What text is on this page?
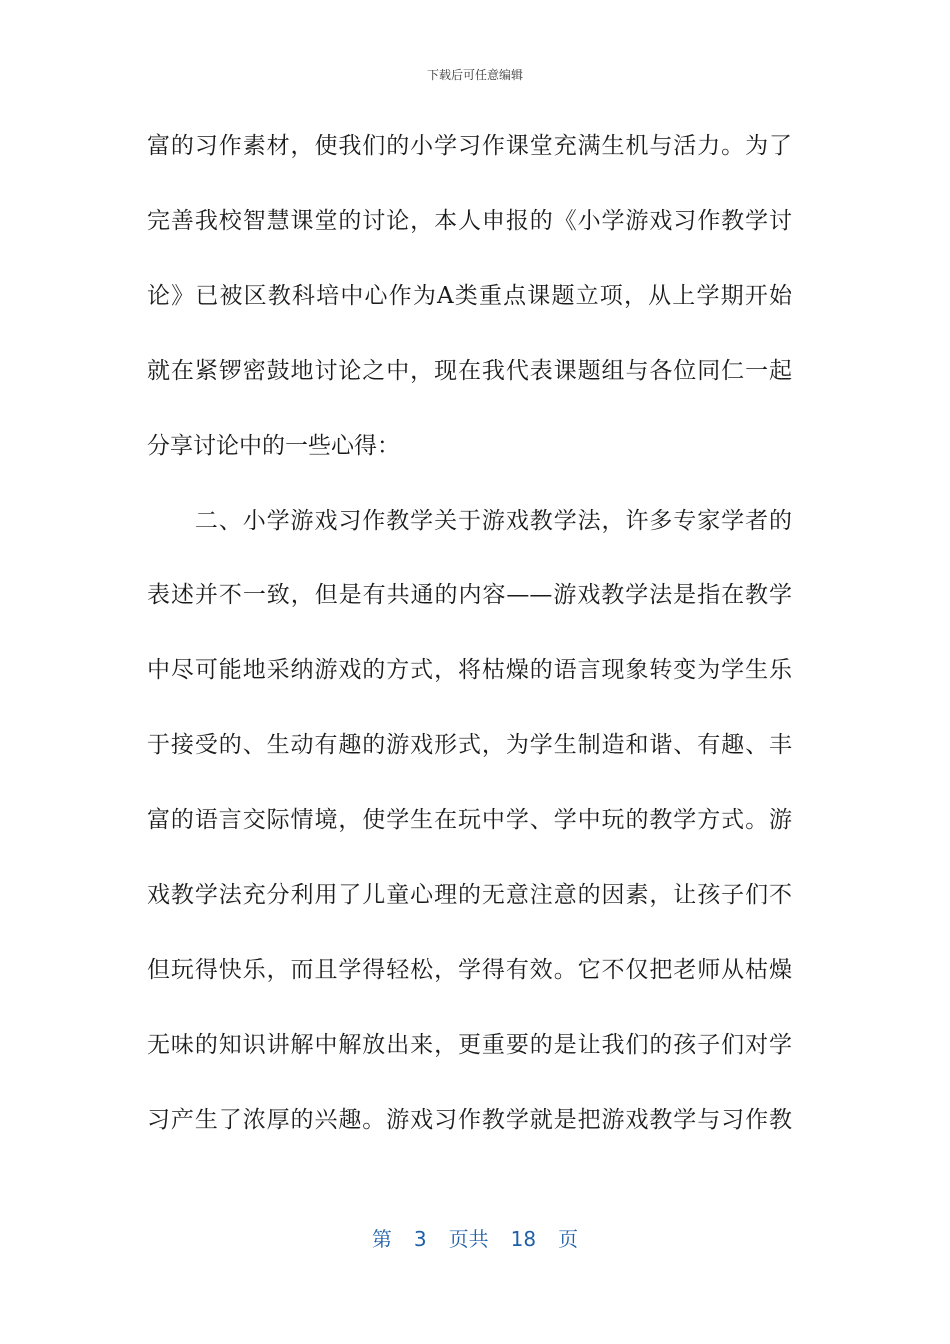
下载后可任意编辑
富的习作素材，使我们的小学习作课堂充满生机与活力。为了
完善我校智慧课堂的讨论，本人申报的《小学游戏习作教学讨
论》已被区教科培中心作为A类重点课题立项，从上学期开始
就在紧锣密鼓地讨论之中，现在我代表课题组与各位同仁一起
分享讨论中的一些心得：
　　二、小学游戏习作教学关于游戏教学法，许多专家学者的
表述并不一致，但是有共通的内容——游戏教学法是指在教学
中尽可能地采纳游戏的方式，将枯燥的语言现象转变为学生乐
于接受的、生动有趣的游戏形式，为学生制造和谐、有趣、丰
富的语言交际情境，使学生在玩中学、学中玩的教学方式。游
戏教学法充分利用了儿童心理的无意注意的因素，让孩子们不
但玩得快乐，而且学得轻松，学得有效。它不仅把老师从枯燥
无味的知识讲解中解放出来，更重要的是让我们的孩子们对学
习产生了浓厚的兴趣。游戏习作教学就是把游戏教学与习作教
第 3 页共 18 页
